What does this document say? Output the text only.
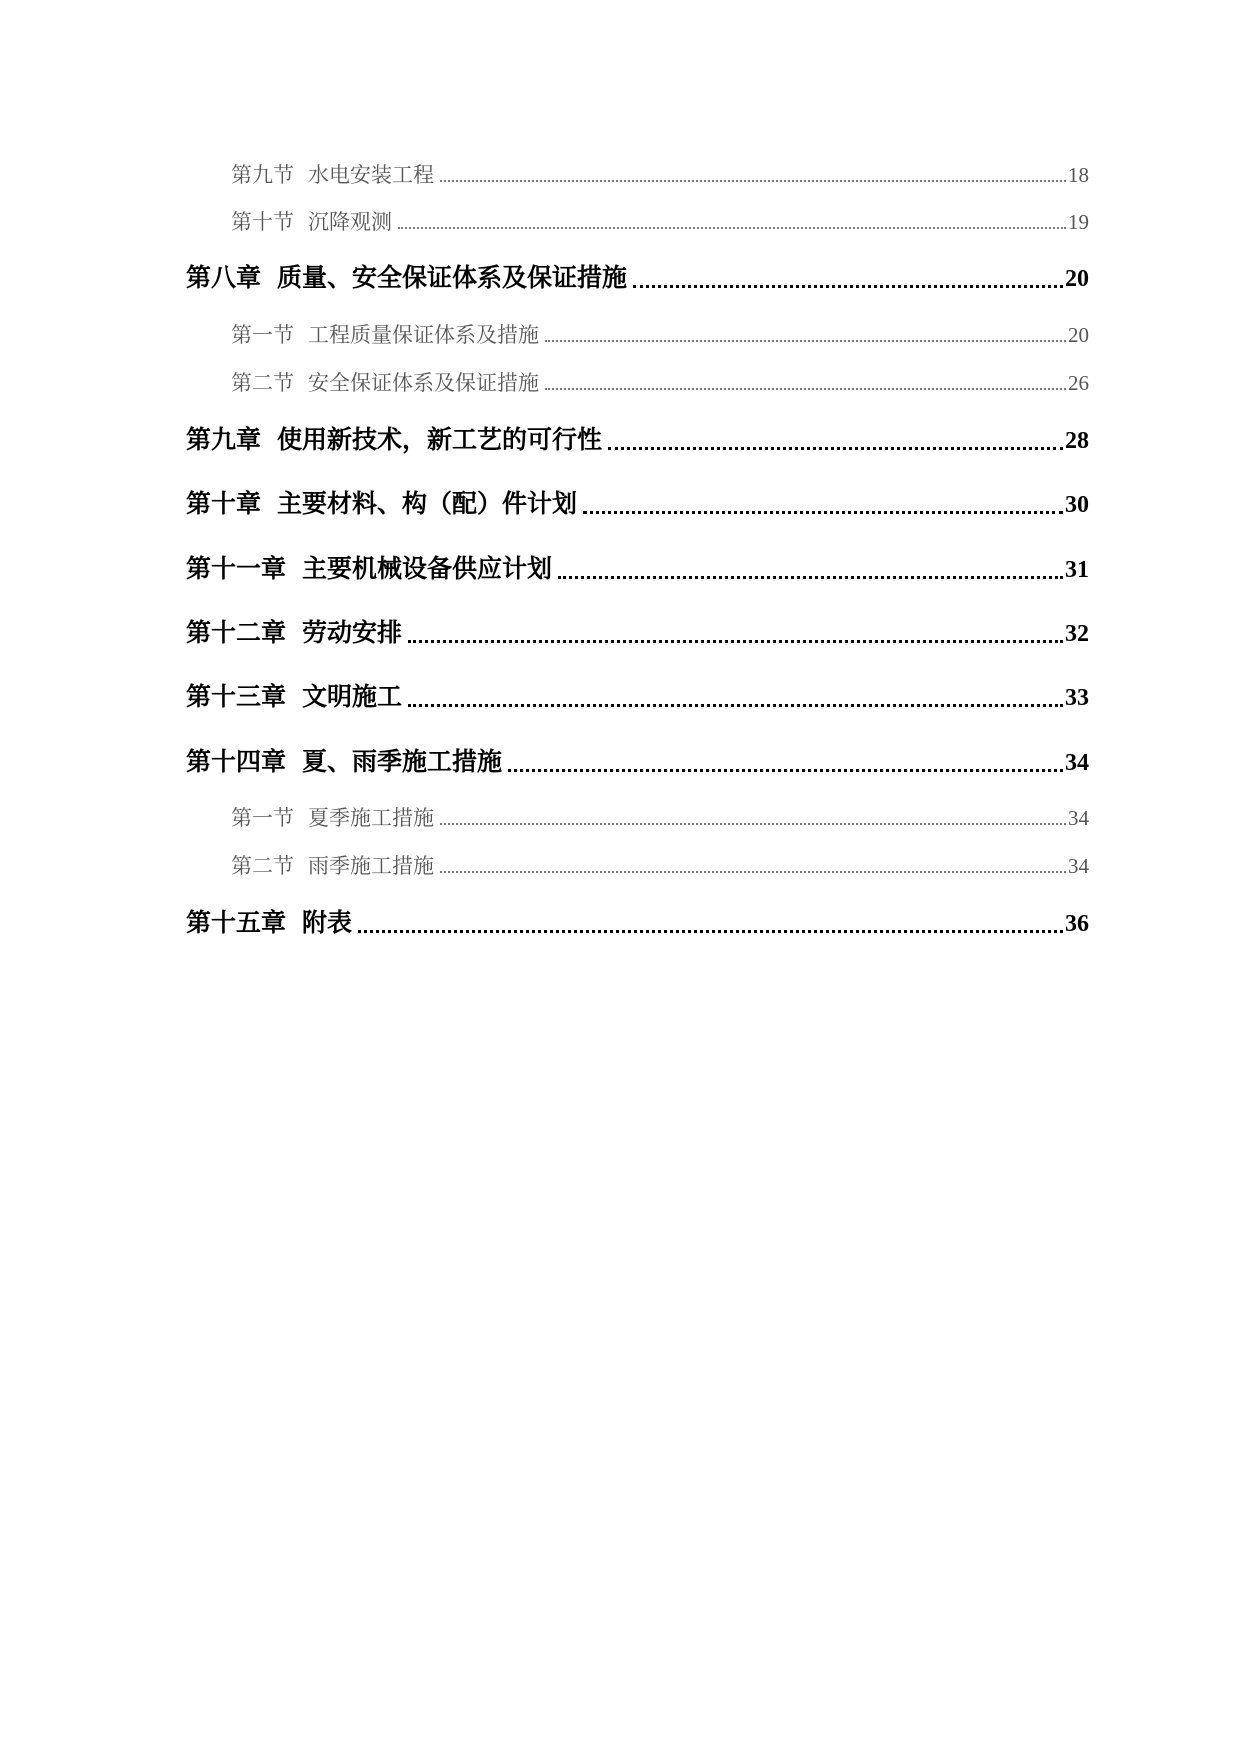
第九节 水电安装工程	18
第十节 沉降观测	19
第八章 质量、安全保证体系及保证措施	20
第一节 工程质量保证体系及措施	20
第二节 安全保证体系及保证措施	26
第九章 使用新技术，新工艺的可行性	28
第十章 主要材料、构（配）件计划	30
第十一章 主要机械设备供应计划	31
第十二章 劳动安排	32
第十三章 文明施工	33
第十四章 夏、雨季施工措施	34
第一节 夏季施工措施	34
第二节 雨季施工措施	34
第十五章 附表	36
